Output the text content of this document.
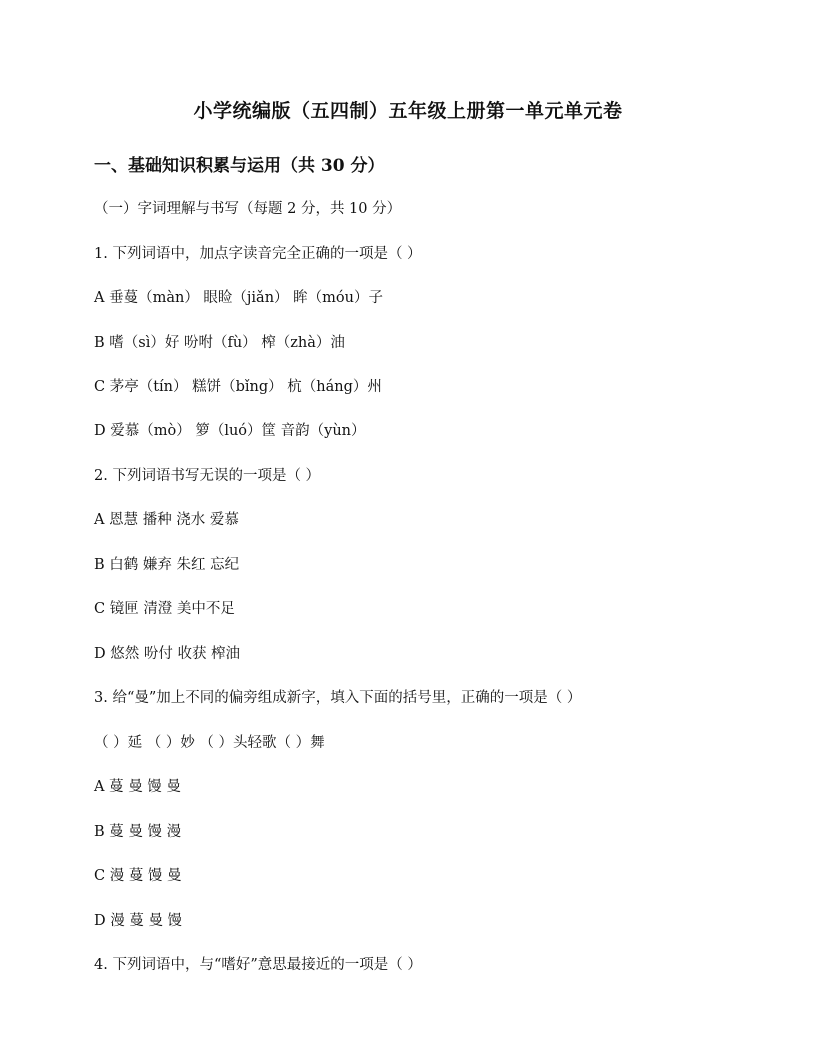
小学统编版（五四制）五年级上册第一单元单元卷
一、基础知识积累与运用（共 30 分）
（一）字词理解与书写（每题 2 分，共 10 分）
1. 下列词语中，加点字读音完全正确的一项是（ ）
A 垂蔓（màn） 眼睑（jiǎn） 眸（móu）子
B 嗜（sì）好 吩咐（fù） 榨（zhà）油
C 茅亭（tín） 糕饼（bǐng） 杭（háng）州
D 爱慕（mò） 箩（luó）筐 音韵（yùn）
2. 下列词语书写无误的一项是（ ）
A 恩慧 播种 浇水 爱慕
B 白鹤 嫌弃 朱红 忘纪
C 镜匣 清澄 美中不足
D 悠然 吩付 收获 榨油
3. 给“曼”加上不同的偏旁组成新字，填入下面的括号里，正确的一项是（ ）
（ ）延 （ ）妙 （ ）头轻歌（ ）舞
A 蔓 曼 馒 曼
B 蔓 曼 馒 漫
C 漫 蔓 馒 曼
D 漫 蔓 曼 馒
4. 下列词语中，与“嗜好”意思最接近的一项是（ ）
